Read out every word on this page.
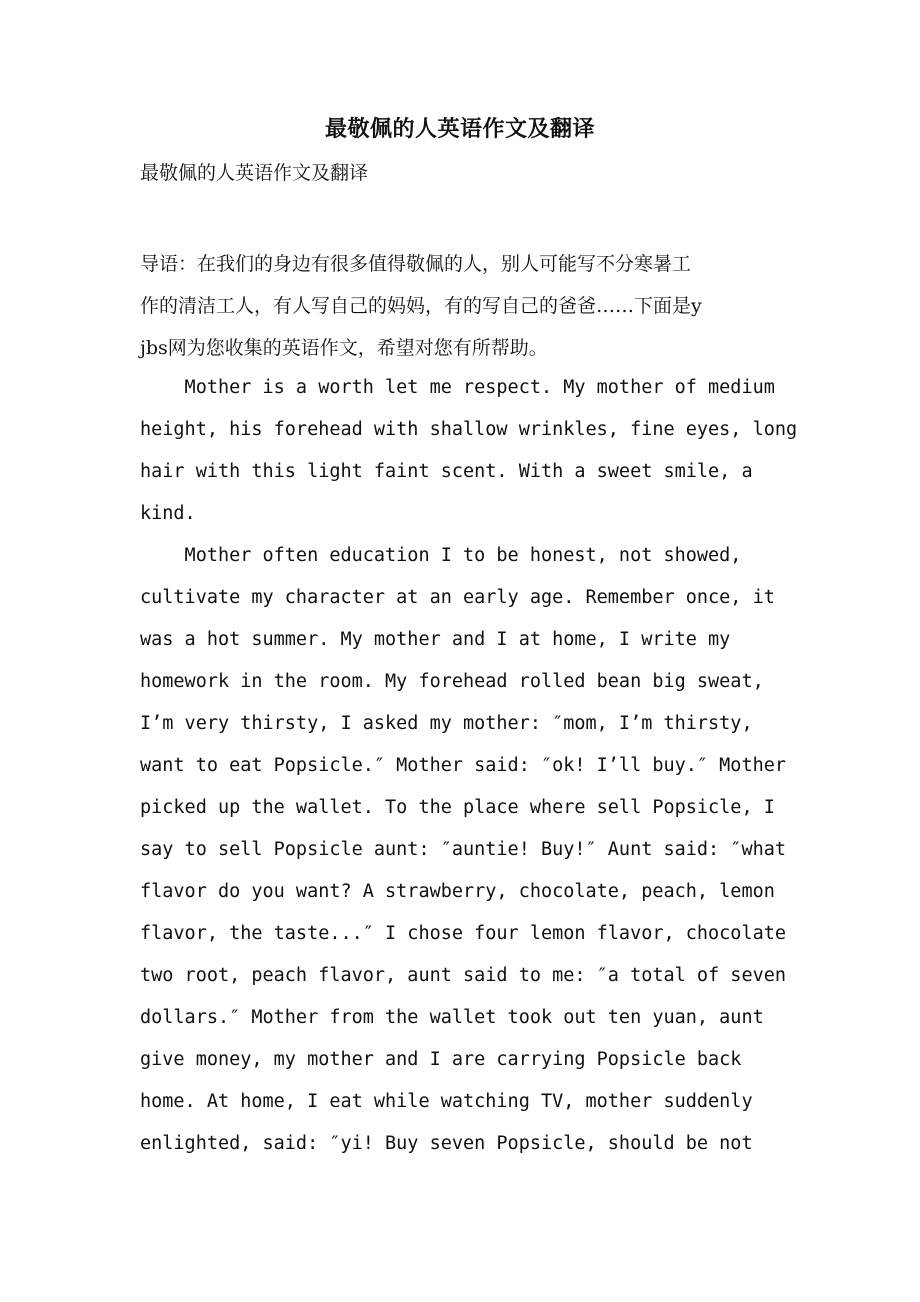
最敬佩的人英语作文及翻译
最敬佩的人英语作文及翻译
导语：在我们的身边有很多值得敬佩的人，别人可能写不分寒暑工
作的清洁工人，有人写自己的妈妈，有的写自己的爸爸……下面是y
jbs网为您收集的英语作文，希望对您有所帮助。
Mother is a worth let me respect. My mother of medium
height, his forehead with shallow wrinkles, fine eyes, long
hair with this light faint scent. With a sweet smile, a
kind.
Mother often education I to be honest, not showed,
cultivate my character at an early age. Remember once, it
was a hot summer. My mother and I at home, I write my
homework in the room. My forehead rolled bean big sweat,
I’m very thirsty, I asked my mother: ″mom, I’m thirsty,
want to eat Popsicle.″ Mother said: ″ok! I’ll buy.″ Mother
picked up the wallet. To the place where sell Popsicle, I
say to sell Popsicle aunt: ″auntie! Buy!″ Aunt said: ″what
flavor do you want? A strawberry, chocolate, peach, lemon
flavor, the taste...″ I chose four lemon flavor, chocolate
two root, peach flavor, aunt said to me: ″a total of seven
dollars.″ Mother from the wallet took out ten yuan, aunt
give money, my mother and I are carrying Popsicle back
home. At home, I eat while watching TV, mother suddenly
enlighted, said: ″yi! Buy seven Popsicle, should be not
